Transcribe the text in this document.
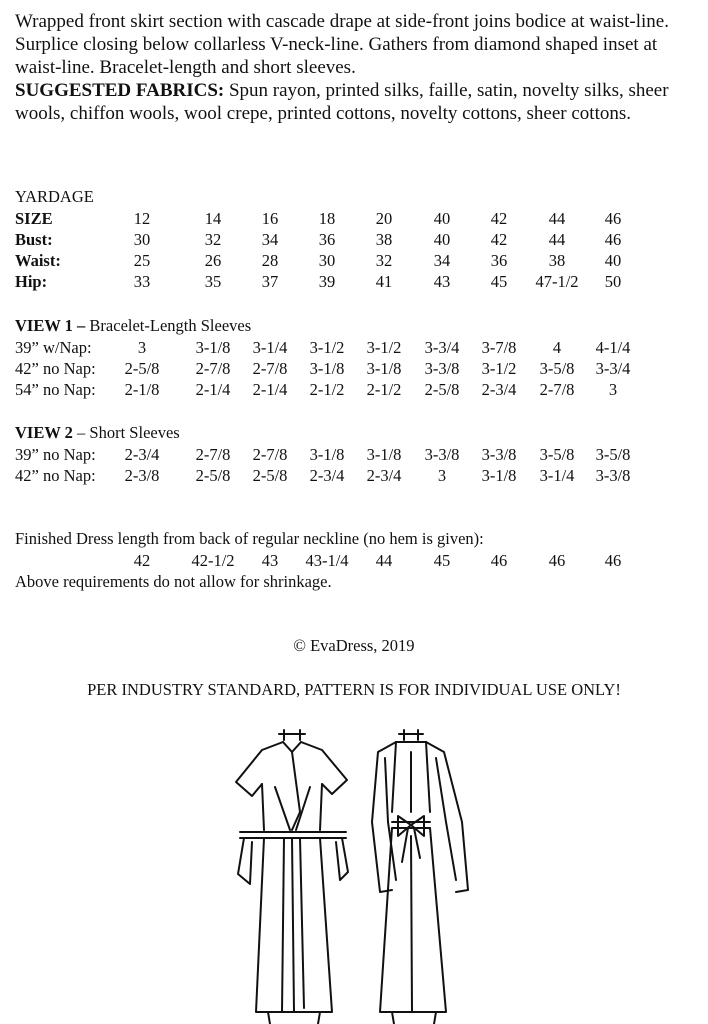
Wrapped front skirt section with cascade drape at side-front joins bodice at waist-line. Surplice closing below collarless V-neck-line. Gathers from diamond shaped inset at waist-line. Bracelet-length and short sleeves.
SUGGESTED FABRICS: Spun rayon, printed silks, faille, satin, novelty silks, sheer wools, chiffon wools, wool crepe, printed cottons, novelty cottons, sheer cottons.

YARDAGE
SIZE	12	14	16	18	20	40	42	44	46
Bust:	30	32	34	36	38	40	42	44	46
Waist:	25	26	28	30	32	34	36	38	40
Hip:	33	35	37	39	41	43	45	47-1/2	50
VIEW 1 – Bracelet-Length Sleeves
39” w/Nap:	3	3-1/8	3-1/4	3-1/2	3-1/2	3-3/4	3-7/8	4	4-1/4
42” no Nap:	2-5/8	2-7/8	2-7/8	3-1/8	3-1/8	3-3/8	3-1/2	3-5/8	3-3/4
54” no Nap:	2-1/8	2-1/4	2-1/4	2-1/2	2-1/2	2-5/8	2-3/4	2-7/8	3
VIEW 2 – Short Sleeves
39” no Nap:	2-3/4	2-7/8	2-7/8	3-1/8	3-1/8	3-3/8	3-3/8	3-5/8	3-5/8
42” no Nap:	2-3/8	2-5/8	2-5/8	2-3/4	2-3/4	3	3-1/8	3-1/4	3-3/8
Finished Dress length from back of regular neckline (no hem is given):
42	42-1/2	43	43-1/4	44	45	46	46	46
Above requirements do not allow for shrinkage.
© EvaDress, 2019
PER INDUSTRY STANDARD, PATTERN IS FOR INDIVIDUAL USE ONLY!
